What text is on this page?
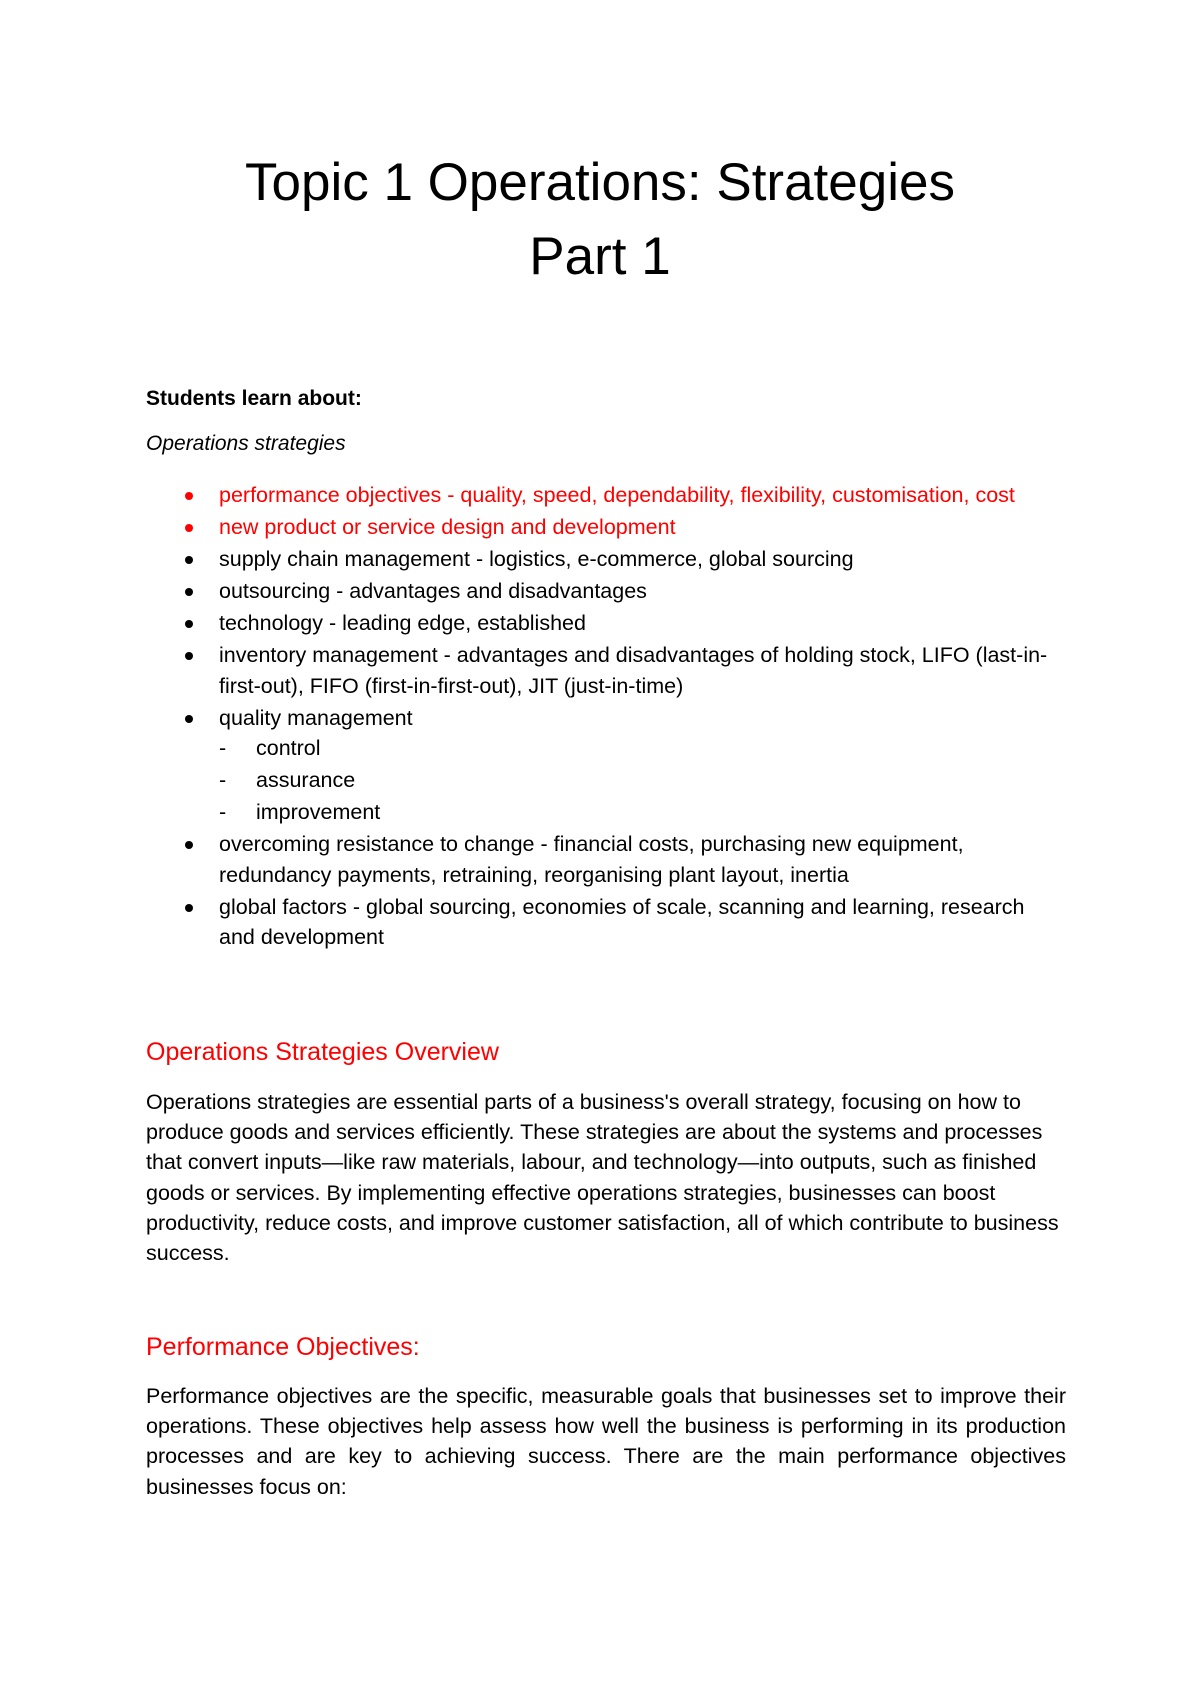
Topic 1 Operations: Strategies
Part 1

Students learn about:

Operations strategies

performance objectives - quality, speed, dependability, flexibility, customisation, cost
new product or service design and development
supply chain management - logistics, e-commerce, global sourcing
outsourcing - advantages and disadvantages
technology - leading edge, established
inventory management - advantages and disadvantages of holding stock, LIFO (last-in-first-out), FIFO (first-in-first-out), JIT (just-in-time)
quality management
-	control
-	assurance
-	improvement
overcoming resistance to change - financial costs, purchasing new equipment, redundancy payments, retraining, reorganising plant layout, inertia
global factors - global sourcing, economies of scale, scanning and learning, research and development
Operations Strategies Overview

Operations strategies are essential parts of a business's overall strategy, focusing on how to produce goods and services efficiently. These strategies are about the systems and processes that convert inputs—like raw materials, labour, and technology—into outputs, such as finished goods or services. By implementing effective operations strategies, businesses can boost productivity, reduce costs, and improve customer satisfaction, all of which contribute to business success.

Performance Objectives:

Performance objectives are the specific, measurable goals that businesses set to improve their operations. These objectives help assess how well the business is performing in its production processes and are key to achieving success. There are the main performance objectives businesses focus on:
